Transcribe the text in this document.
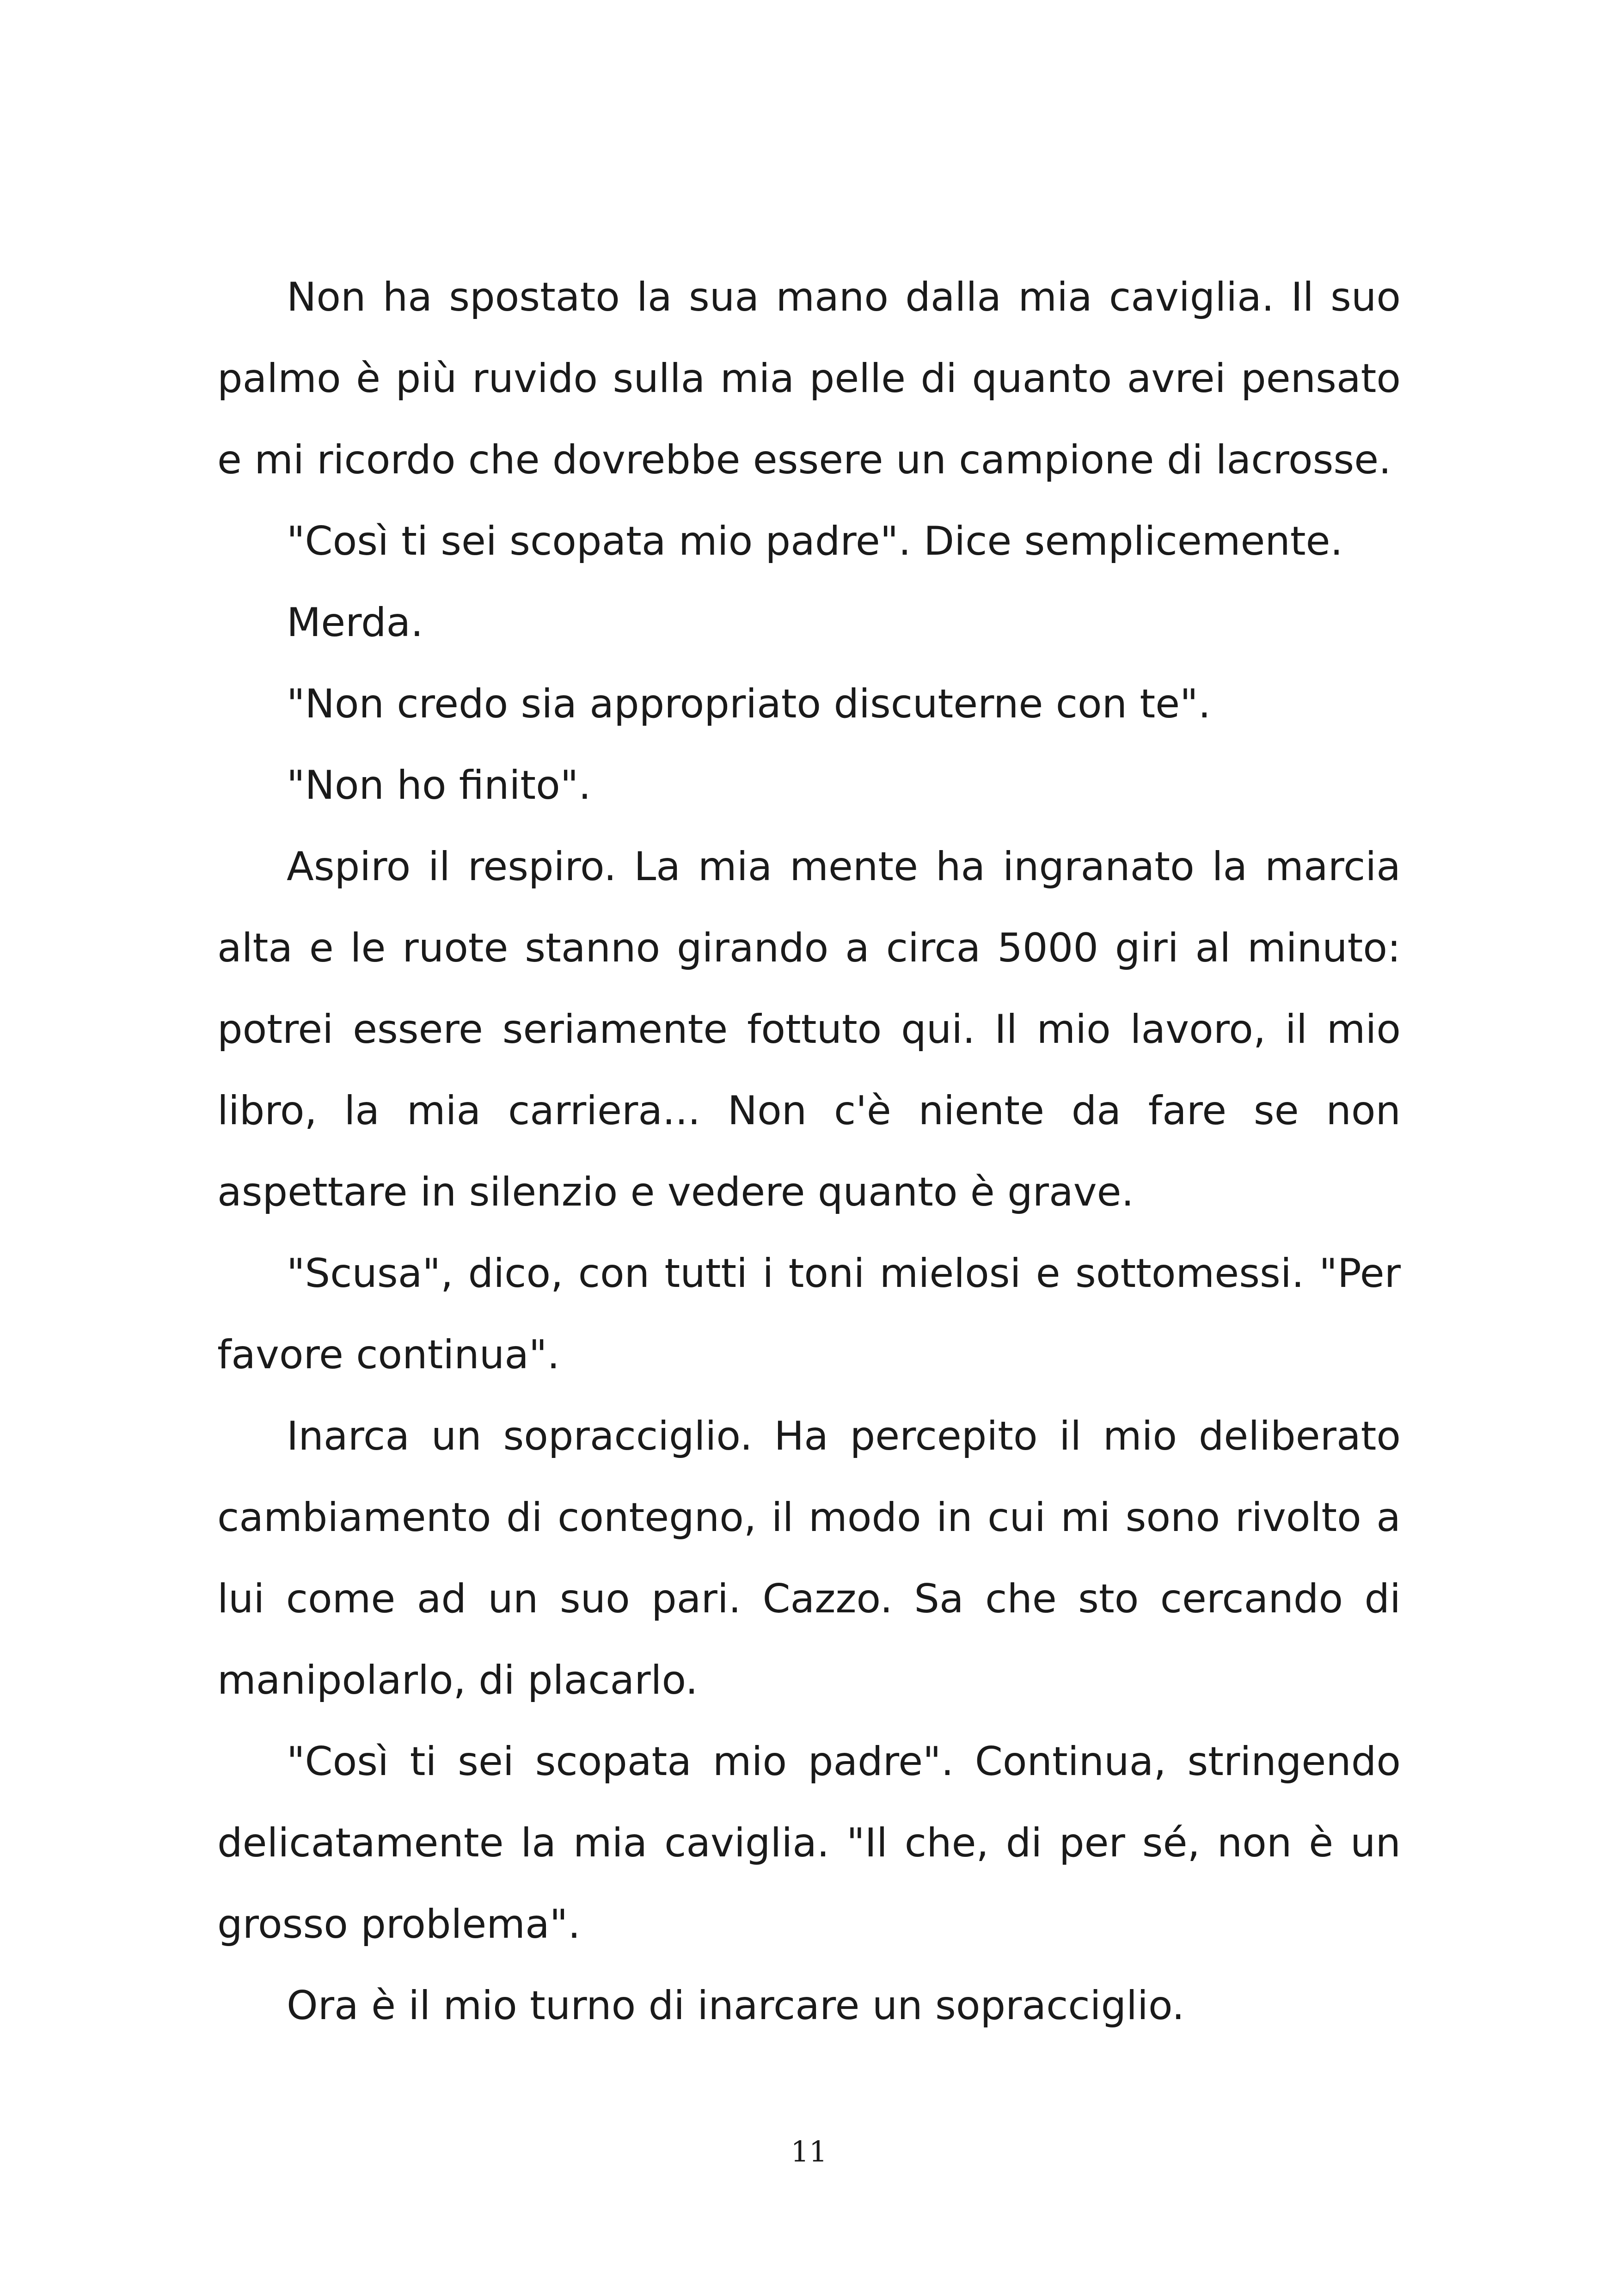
Non ha spostato la sua mano dalla mia caviglia. Il suo palmo è più ruvido sulla mia pelle di quanto avrei pensato e mi ricordo che dovrebbe essere un campione di lacrosse.

"Così ti sei scopata mio padre". Dice semplicemente.

Merda.

"Non credo sia appropriato discuterne con te".

"Non ho finito".

Aspiro il respiro. La mia mente ha ingranato la marcia alta e le ruote stanno girando a circa 5000 giri al minuto: potrei essere seriamente fottuto qui. Il mio lavoro, il mio libro, la mia carriera... Non c'è niente da fare se non aspettare in silenzio e vedere quanto è grave.

"Scusa", dico, con tutti i toni mielosi e sottomessi. "Per favore continua".

Inarca un sopracciglio. Ha percepito il mio deliberato cambiamento di contegno, il modo in cui mi sono rivolto a lui come ad un suo pari. Cazzo. Sa che sto cercando di manipolarlo, di placarlo.

"Così ti sei scopata mio padre". Continua, stringendo delicatamente la mia caviglia. "Il che, di per sé, non è un grosso problema".

Ora è il mio turno di inarcare un sopracciglio.

11
